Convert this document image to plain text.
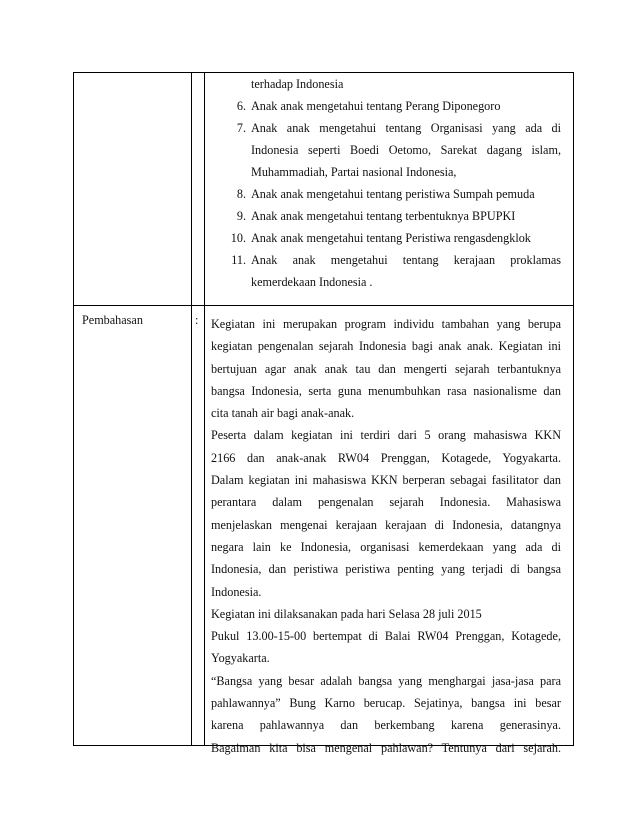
terhadap Indonesia
6. Anak anak mengetahui tentang Perang Diponegoro
7. Anak anak mengetahui tentang Organisasi yang ada di
Indonesia seperti Boedi Oetomo, Sarekat dagang islam,
Muhammadiah, Partai nasional Indonesia,
8. Anak anak mengetahui tentang peristiwa Sumpah pemuda
9. Anak anak mengetahui tentang terbentuknya BPUPKI
10. Anak anak mengetahui tentang Peristiwa rengasdengklok
11. Anak anak mengetahui tentang kerajaan proklamas
kemerdekaan Indonesia .
Pembahasan	: Kegiatan ini merupakan program individu tambahan yang berupa
kegiatan pengenalan sejarah Indonesia bagi anak anak. Kegiatan ini
bertujuan agar anak anak tau dan mengerti sejarah terbantuknya
bangsa Indonesia, serta guna menumbuhkan rasa nasionalisme dan
cita tanah air bagi anak-anak.
Peserta dalam kegiatan ini terdiri dari 5 orang mahasiswa KKN
2166 dan anak-anak RW04 Prenggan, Kotagede, Yogyakarta.
Dalam kegiatan ini mahasiswa KKN berperan sebagai fasilitator dan
perantara dalam pengenalan sejarah Indonesia. Mahasiswa
menjelaskan mengenai kerajaan kerajaan di Indonesia, datangnya
negara lain ke Indonesia, organisasi kemerdekaan yang ada di
Indonesia, dan peristiwa peristiwa penting yang terjadi di bangsa
Indonesia.
Kegiatan ini dilaksanakan pada hari Selasa 28 juli 2015
Pukul 13.00-15-00 bertempat di Balai RW04 Prenggan, Kotagede,
Yogyakarta.
“Bangsa yang besar adalah bangsa yang menghargai jasa-jasa para
pahlawannya” Bung Karno berucap. Sejatinya, bangsa ini besar
karena pahlawannya dan berkembang karena generasinya.
Bagaiman kita bisa mengenal pahlawan? Tentunya dari sejarah.
